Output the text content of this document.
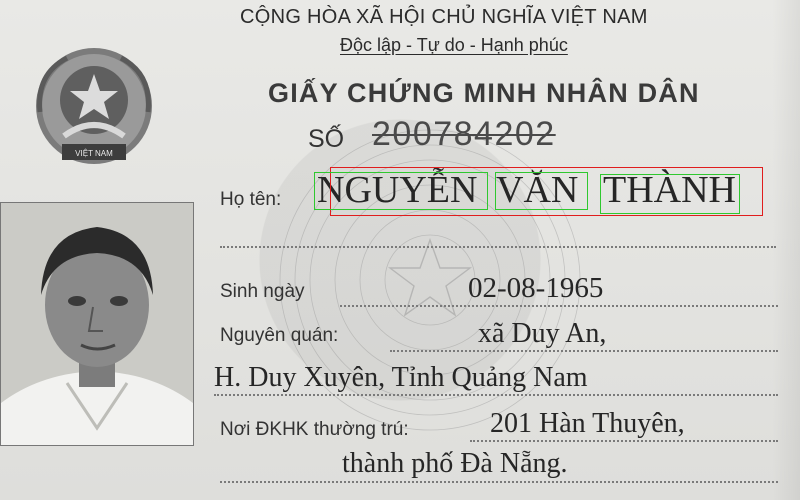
VIỆT NAM
CỘNG HÒA XÃ HỘI CHỦ NGHĨA VIỆT NAM
Độc lập - Tự do - Hạnh phúc
GIẤY CHỨNG MINH NHÂN DÂN
SỐ 200784202
Họ tên: NGUYỄN VĂN THÀNH
Sinh ngày	02-08-1965
Nguyên quán:	xã Duy An,
H. Duy Xuyên, Tỉnh Quảng Nam
Nơi ĐKHK thường trú:	201 Hàn Thuyên,
thành phố Đà Nẵng.
